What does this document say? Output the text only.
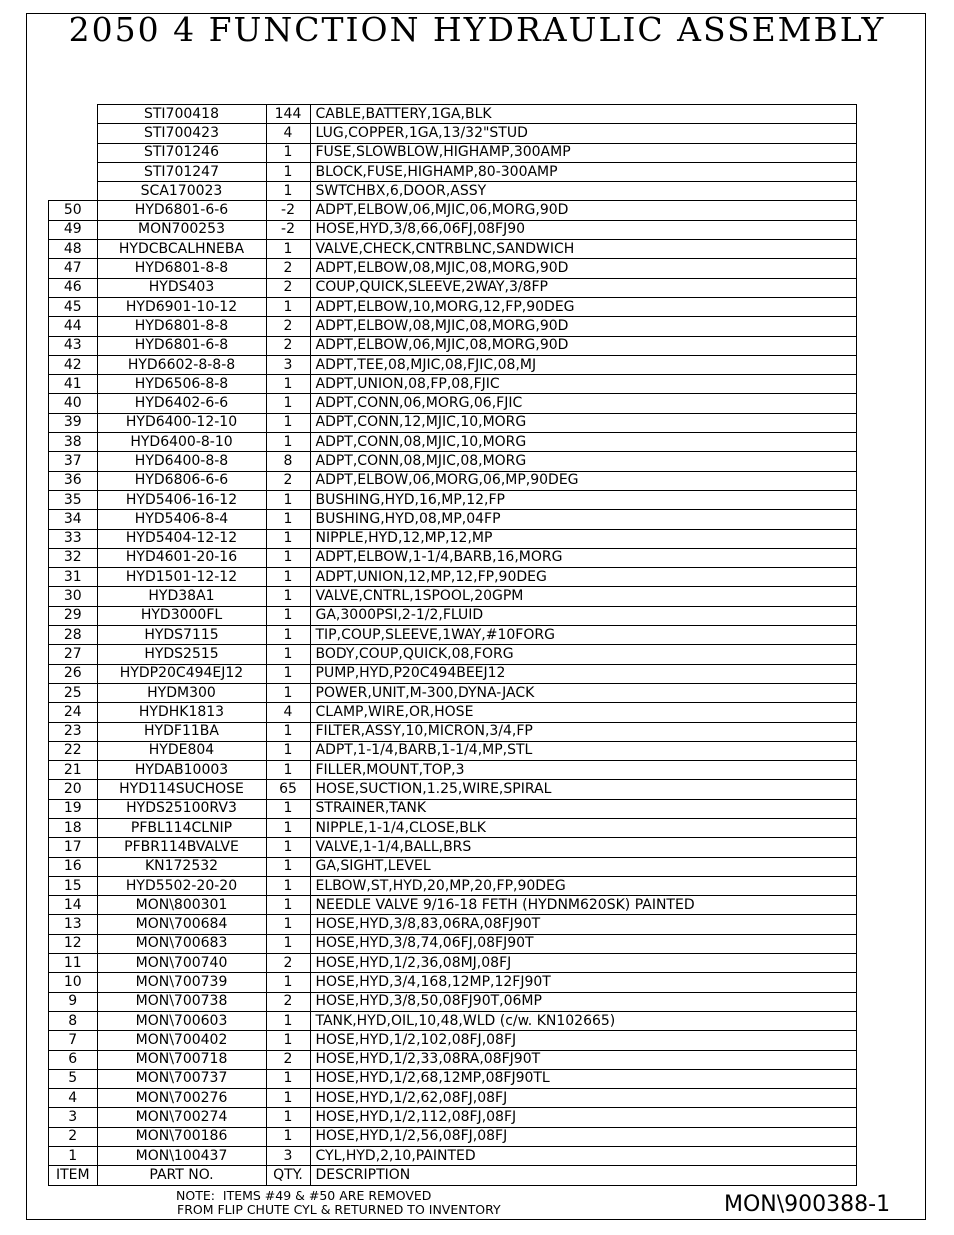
2050 4 FUNCTION HYDRAULIC ASSEMBLY
	STI700418	144	CABLE,BATTERY,1GA,BLK
	STI700423	4	LUG,COPPER,1GA,13/32"STUD
	STI701246	1	FUSE,SLOWBLOW,HIGHAMP,300AMP
	STI701247	1	BLOCK,FUSE,HIGHAMP,80-300AMP
	SCA170023	1	SWTCHBX,6,DOOR,ASSY
50	HYD6801-6-6	-2	ADPT,ELBOW,06,MJIC,06,MORG,90D
49	MON700253	-2	HOSE,HYD,3/8,66,06FJ,08FJ90
48	HYDCBCALHNEBA	1	VALVE,CHECK,CNTRBLNC,SANDWICH
47	HYD6801-8-8	2	ADPT,ELBOW,08,MJIC,08,MORG,90D
46	HYDS403	2	COUP,QUICK,SLEEVE,2WAY,3/8FP
45	HYD6901-10-12	1	ADPT,ELBOW,10,MORG,12,FP,90DEG
44	HYD6801-8-8	2	ADPT,ELBOW,08,MJIC,08,MORG,90D
43	HYD6801-6-8	2	ADPT,ELBOW,06,MJIC,08,MORG,90D
42	HYD6602-8-8-8	3	ADPT,TEE,08,MJIC,08,FJIC,08,MJ
41	HYD6506-8-8	1	ADPT,UNION,08,FP,08,FJIC
40	HYD6402-6-6	1	ADPT,CONN,06,MORG,06,FJIC
39	HYD6400-12-10	1	ADPT,CONN,12,MJIC,10,MORG
38	HYD6400-8-10	1	ADPT,CONN,08,MJIC,10,MORG
37	HYD6400-8-8	8	ADPT,CONN,08,MJIC,08,MORG
36	HYD6806-6-6	2	ADPT,ELBOW,06,MORG,06,MP,90DEG
35	HYD5406-16-12	1	BUSHING,HYD,16,MP,12,FP
34	HYD5406-8-4	1	BUSHING,HYD,08,MP,04FP
33	HYD5404-12-12	1	NIPPLE,HYD,12,MP,12,MP
32	HYD4601-20-16	1	ADPT,ELBOW,1-1/4,BARB,16,MORG
31	HYD1501-12-12	1	ADPT,UNION,12,MP,12,FP,90DEG
30	HYD38A1	1	VALVE,CNTRL,1SPOOL,20GPM
29	HYD3000FL	1	GA,3000PSI,2-1/2,FLUID
28	HYDS7115	1	TIP,COUP,SLEEVE,1WAY,#10FORG
27	HYDS2515	1	BODY,COUP,QUICK,08,FORG
26	HYDP20C494EJ12	1	PUMP,HYD,P20C494BEEJ12
25	HYDM300	1	POWER,UNIT,M-300,DYNA-JACK
24	HYDHK1813	4	CLAMP,WIRE,OR,HOSE
23	HYDF11BA	1	FILTER,ASSY,10,MICRON,3/4,FP
22	HYDE804	1	ADPT,1-1/4,BARB,1-1/4,MP,STL
21	HYDAB10003	1	FILLER,MOUNT,TOP,3
20	HYD114SUCHOSE	65	HOSE,SUCTION,1.25,WIRE,SPIRAL
19	HYDS25100RV3	1	STRAINER,TANK
18	PFBL114CLNIP	1	NIPPLE,1-1/4,CLOSE,BLK
17	PFBR114BVALVE	1	VALVE,1-1/4,BALL,BRS
16	KN172532	1	GA,SIGHT,LEVEL
15	HYD5502-20-20	1	ELBOW,ST,HYD,20,MP,20,FP,90DEG
14	MON\800301	1	NEEDLE VALVE 9/16-18 FETH (HYDNM620SK) PAINTED
13	MON\700684	1	HOSE,HYD,3/8,83,06RA,08FJ90T
12	MON\700683	1	HOSE,HYD,3/8,74,06FJ,08FJ90T
11	MON\700740	2	HOSE,HYD,1/2,36,08MJ,08FJ
10	MON\700739	1	HOSE,HYD,3/4,168,12MP,12FJ90T
9	MON\700738	2	HOSE,HYD,3/8,50,08FJ90T,06MP
8	MON\700603	1	TANK,HYD,OIL,10,48,WLD (c/w. KN102665)
7	MON\700402	1	HOSE,HYD,1/2,102,08FJ,08FJ
6	MON\700718	2	HOSE,HYD,1/2,33,08RA,08FJ90T
5	MON\700737	1	HOSE,HYD,1/2,68,12MP,08FJ90TL
4	MON\700276	1	HOSE,HYD,1/2,62,08FJ,08FJ
3	MON\700274	1	HOSE,HYD,1/2,112,08FJ,08FJ
2	MON\700186	1	HOSE,HYD,1/2,56,08FJ,08FJ
1	MON\100437	3	CYL,HYD,2,10,PAINTED
ITEM	PART NO.	QTY.	DESCRIPTION
NOTE:  ITEMS #49 & #50 ARE REMOVED
FROM FLIP CHUTE CYL & RETURNED TO INVENTORY	MON\900388-1
